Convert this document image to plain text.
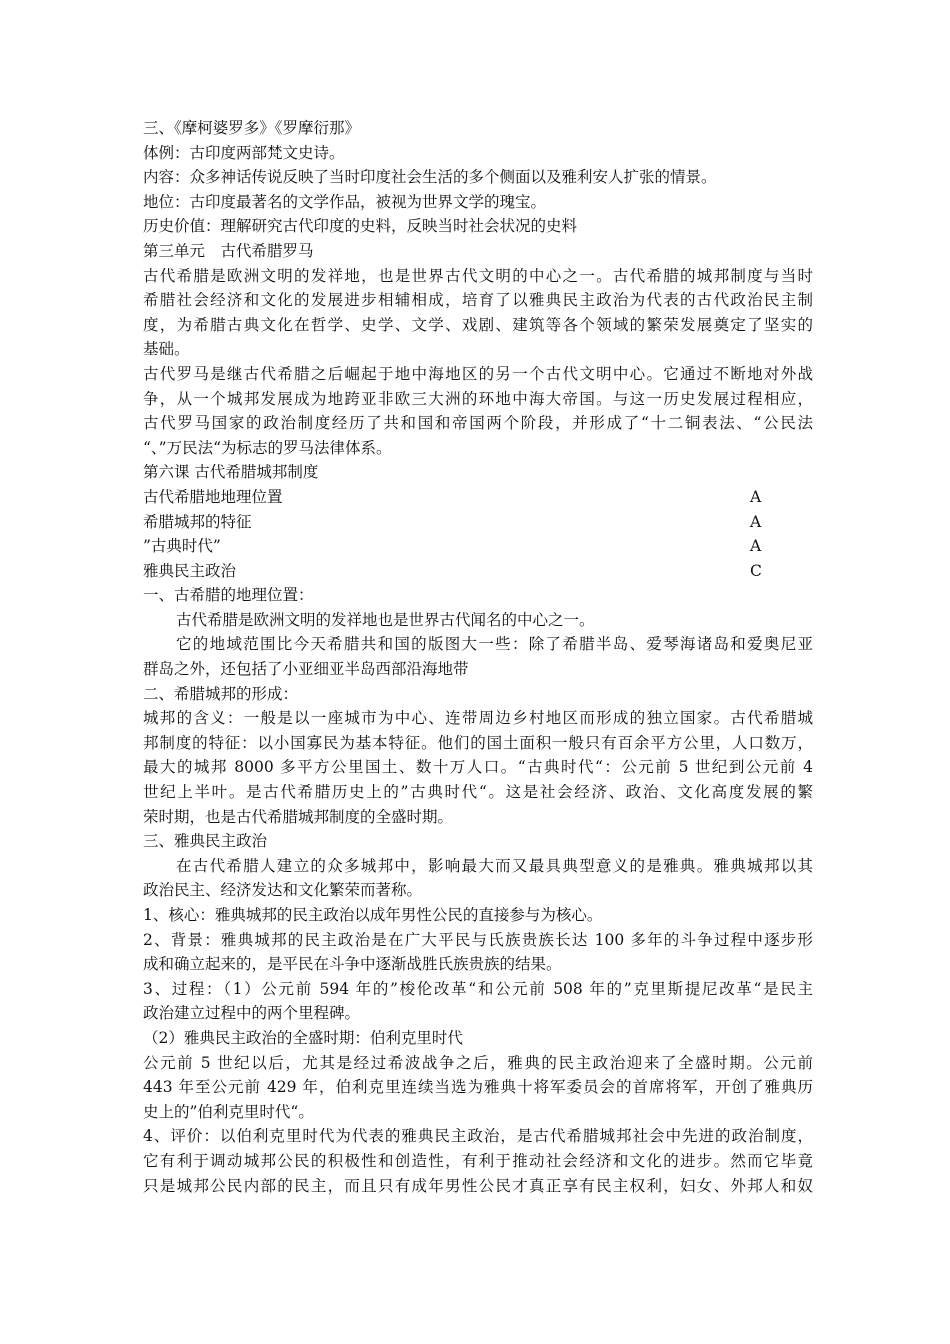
三、《摩柯婆罗多》《罗摩衍那》
体例：古印度两部梵文史诗。
内容：众多神话传说反映了当时印度社会生活的多个侧面以及雅利安人扩张的情景。
地位：古印度最著名的文学作品，被视为世界文学的瑰宝。
历史价值：理解研究古代印度的史料，反映当时社会状况的史料
第三单元　古代希腊罗马
古代希腊是欧洲文明的发祥地，也是世界古代文明的中心之一。古代希腊的城邦制度与当时
希腊社会经济和文化的发展进步相辅相成，培育了以雅典民主政治为代表的古代政治民主制
度，为希腊古典文化在哲学、史学、文学、戏剧、建筑等各个领域的繁荣发展奠定了坚实的
基础。
古代罗马是继古代希腊之后崛起于地中海地区的另一个古代文明中心。它通过不断地对外战
争，从一个城邦发展成为地跨亚非欧三大洲的环地中海大帝国。与这一历史发展过程相应，
古代罗马国家的政治制度经历了共和国和帝国两个阶段，并形成了“十二铜表法、“公民法
“、”万民法“为标志的罗马法律体系。
第六课 古代希腊城邦制度
古代希腊地地理位置	A
希腊城邦的特征	A
”古典时代”	A
雅典民主政治	C
一、古希腊的地理位置：
古代希腊是欧洲文明的发祥地也是世界古代闻名的中心之一。
它的地域范围比今天希腊共和国的版图大一些：除了希腊半岛、爱琴海诸岛和爱奥尼亚
群岛之外，还包括了小亚细亚半岛西部沿海地带
二、希腊城邦的形成：
城邦的含义：一般是以一座城市为中心、连带周边乡村地区而形成的独立国家。古代希腊城
邦制度的特征：以小国寡民为基本特征。他们的国土面积一般只有百余平方公里，人口数万，
最大的城邦 8000 多平方公里国土、数十万人口。“古典时代“：公元前 5 世纪到公元前 4
世纪上半叶。是古代希腊历史上的”古典时代“。这是社会经济、政治、文化高度发展的繁
荣时期，也是古代希腊城邦制度的全盛时期。
三、雅典民主政治
在古代希腊人建立的众多城邦中，影响最大而又最具典型意义的是雅典。雅典城邦以其
政治民主、经济发达和文化繁荣而著称。
1、核心：雅典城邦的民主政治以成年男性公民的直接参与为核心。
2、背景：雅典城邦的民主政治是在广大平民与氏族贵族长达 100 多年的斗争过程中逐步形
成和确立起来的，是平民在斗争中逐渐战胜氏族贵族的结果。
3、过程：（1）公元前 594 年的”梭伦改革“和公元前 508 年的”克里斯提尼改革“是民主
政治建立过程中的两个里程碑。
（2）雅典民主政治的全盛时期：伯利克里时代
公元前 5 世纪以后，尤其是经过希波战争之后，雅典的民主政治迎来了全盛时期。公元前
443 年至公元前 429 年，伯利克里连续当选为雅典十将军委员会的首席将军，开创了雅典历
史上的”伯利克里时代“。
4、评价：以伯利克里时代为代表的雅典民主政治，是古代希腊城邦社会中先进的政治制度，
它有利于调动城邦公民的积极性和创造性，有利于推动社会经济和文化的进步。然而它毕竟
只是城邦公民内部的民主，而且只有成年男性公民才真正享有民主权利，妇女、外邦人和奴
